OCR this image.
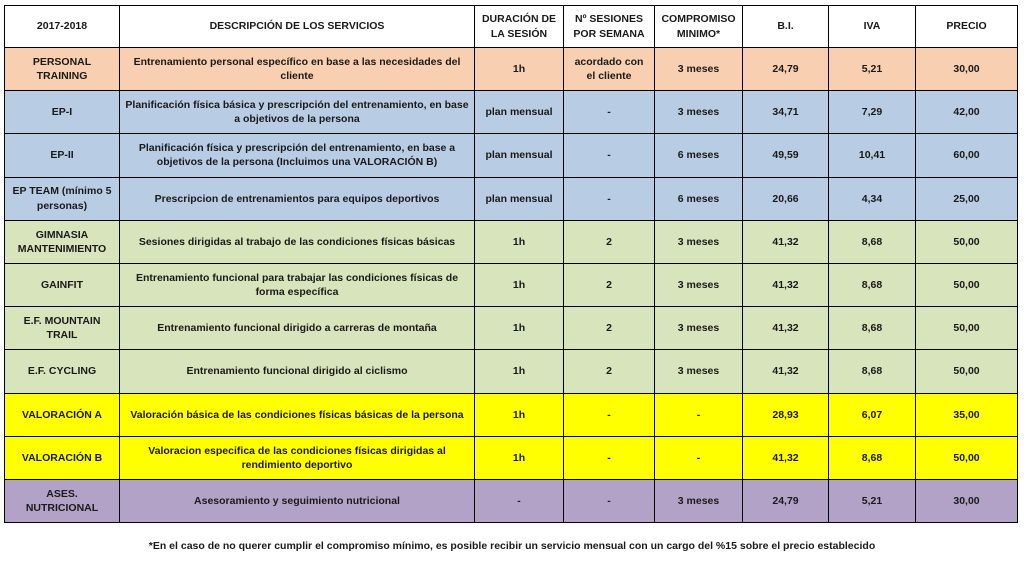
2017-2018	DESCRIPCIÓN DE LOS SERVICIOS	DURACIÓN DE LA SESIÓN	Nº SESIONES POR SEMANA	COMPROMISO MINIMO*	B.I.	IVA	PRECIO
PERSONAL TRAINING	Entrenamiento personal específico en base a las necesidades del cliente	1h	acordado con el cliente	3 meses	24,79	5,21	30,00
EP-I	Planificación física básica y prescripción del entrenamiento, en base a objetivos de la persona	plan mensual	-	3 meses	34,71	7,29	42,00
EP-II	Planificación física y prescripción del entrenamiento, en base a objetivos de la persona (Incluimos una VALORACIÓN B)	plan mensual	-	6 meses	49,59	10,41	60,00
EP TEAM (mínimo 5 personas)	Prescripcion de entrenamientos para equipos deportivos	plan mensual	-	6 meses	20,66	4,34	25,00
GIMNASIA MANTENIMIENTO	Sesiones dirigidas al trabajo de las condiciones físicas básicas	1h	2	3 meses	41,32	8,68	50,00
GAINFIT	Entrenamiento funcional para trabajar las condiciones físicas de forma específica	1h	2	3 meses	41,32	8,68	50,00
E.F. MOUNTAIN TRAIL	Entrenamiento funcional dirigido a carreras de montaña	1h	2	3 meses	41,32	8,68	50,00
E.F. CYCLING	Entrenamiento funcional dirigido al ciclismo	1h	2	3 meses	41,32	8,68	50,00
VALORACIÓN A	Valoración básica de las condiciones físicas básicas de la persona	1h	-	-	28,93	6,07	35,00
VALORACIÓN B	Valoracion especifica de las condiciones físicas dirigidas al rendimiento deportivo	1h	-	-	41,32	8,68	50,00
ASES. NUTRICIONAL	Asesoramiento y seguimiento nutricional	-	-	3 meses	24,79	5,21	30,00
*En el caso de no querer cumplir el compromiso mínimo, es posible recibir un servicio mensual con un cargo del %15 sobre el precio establecido
